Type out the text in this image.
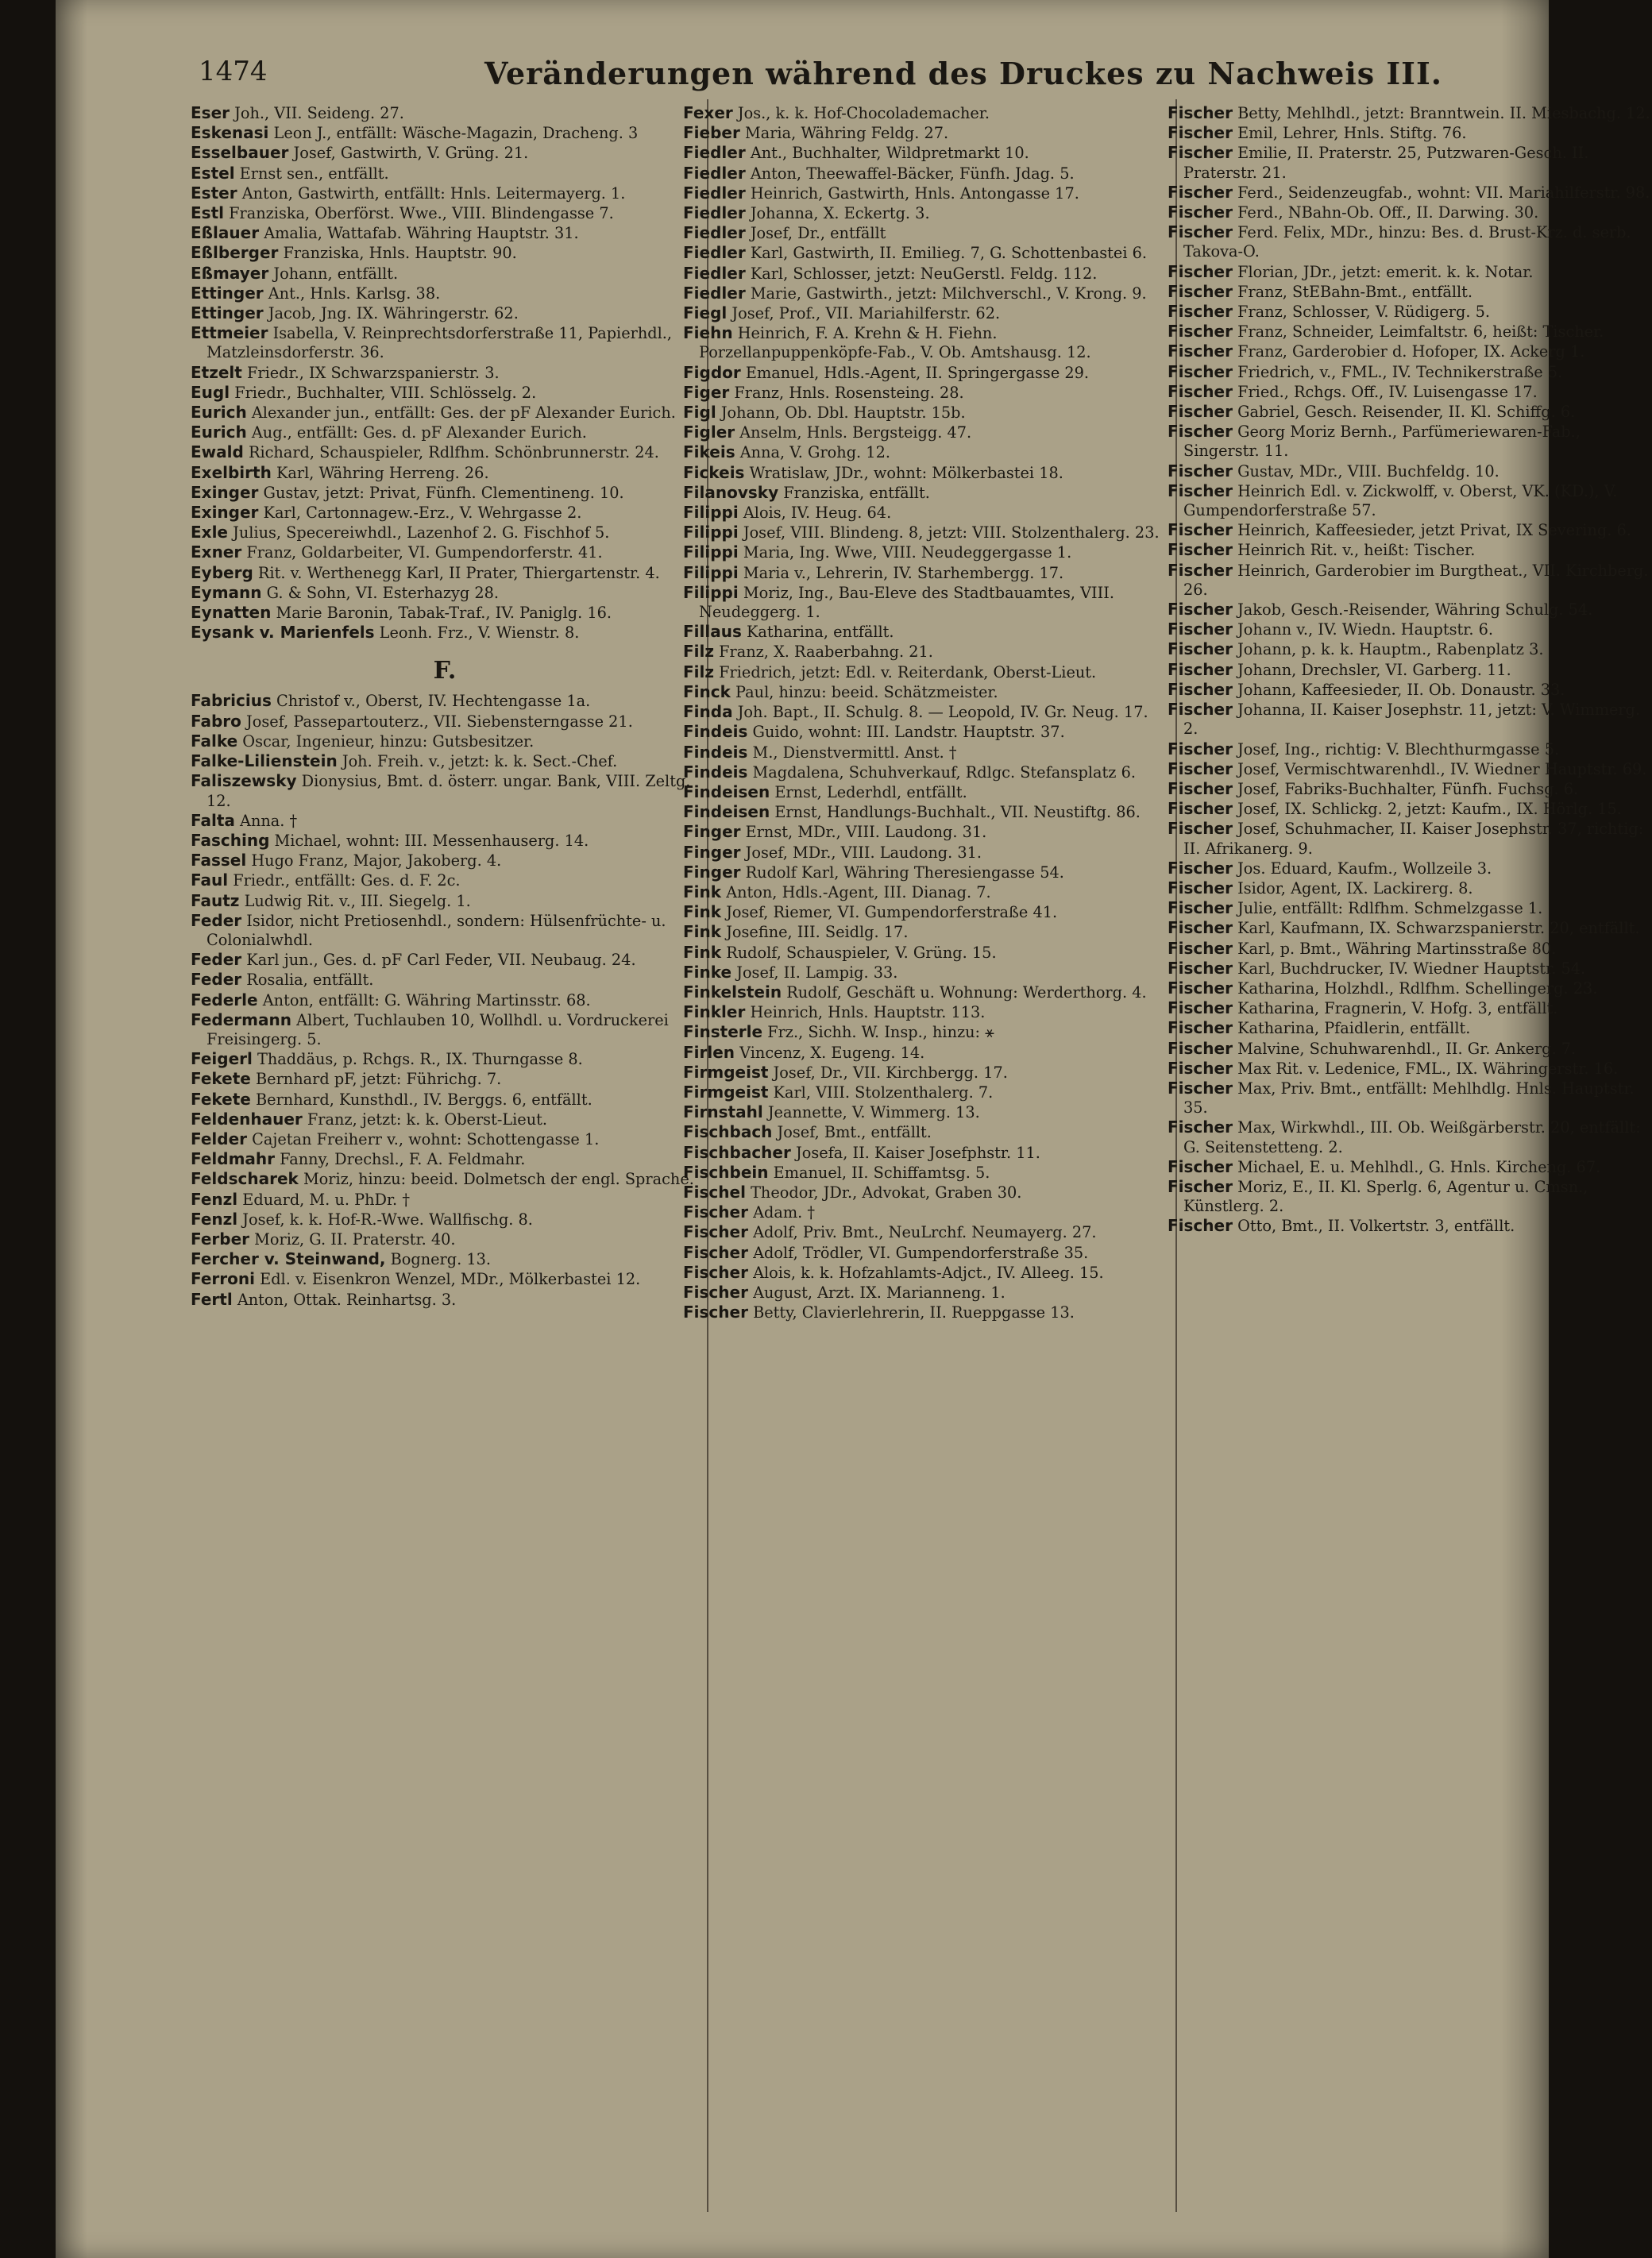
1474	Veränderungen während des Druckes zu Nachweis III.
Eser Joh., VII. Seideng. 27.
Eskenasi Leon J., entfällt: Wäsche-Magazin, Dracheng. 3
Esselbauer Josef, Gastwirth, V. Grüng. 21.
Estel Ernst sen., entfällt.
Ester Anton, Gastwirth, entfällt: Hnls. Leitermayerg. 1.
Estl Franziska, Oberförst. Wwe., VIII. Blindengasse 7.
Eßlauer Amalia, Wattafab. Währing Hauptstr. 31.
Eßlberger Franziska, Hnls. Hauptstr. 90.
Eßmayer Johann, entfällt.
Ettinger Ant., Hnls. Karlsg. 38.
Ettinger Jacob, Jng. IX. Währingerstr. 62.
Ettmeier Isabella, V. Reinprechtsdorferstraße 11, Papierhdl., Matzleinsdorferstr. 36.
Etzelt Friedr., IX Schwarzspanierstr. 3.
Eugl Friedr., Buchhalter, VIII. Schlösselg. 2.
Eurich Alexander jun., entfällt: Ges. der pF Alexander Eurich.
Eurich Aug., entfällt: Ges. d. pF Alexander Eurich.
Ewald Richard, Schauspieler, Rdlfhm. Schönbrunnerstr. 24.
Exelbirth Karl, Währing Herreng. 26.
Exinger Gustav, jetzt: Privat, Fünfh. Clementineng. 10.
Exinger Karl, Cartonnagew.-Erz., V. Wehrgasse 2.
Exle Julius, Specereiwhdl., Lazenhof 2. G. Fischhof 5.
Exner Franz, Goldarbeiter, VI. Gumpendorferstr. 41.
Eyberg Rit. v. Werthenegg Karl, II Prater, Thiergartenstr. 4.
Eymann G. & Sohn, VI. Esterhazyg 28.
Eynatten Marie Baronin, Tabak-Traf., IV. Paniglg. 16.
Eysank v. Marienfels Leonh. Frz., V. Wienstr. 8.
F.
Fabricius Christof v., Oberst, IV. Hechtengasse 1a.
Fabro Josef, Passepartouterz., VII. Siebensterngasse 21.
Falke Oscar, Ingenieur, hinzu: Gutsbesitzer.
Falke-Lilienstein Joh. Freih. v., jetzt: k. k. Sect.-Chef.
Faliszewsky Dionysius, Bmt. d. österr. ungar. Bank, VIII. Zeltg. 12.
Falta Anna. †
Fasching Michael, wohnt: III. Messenhauserg. 14.
Fassel Hugo Franz, Major, Jakoberg. 4.
Faul Friedr., entfällt: Ges. d. F. 2c.
Fautz Ludwig Rit. v., III. Siegelg. 1.
Feder Isidor, nicht Pretiosenhdl., sondern: Hülsenfrüchte- u. Colonialwhdl.
Feder Karl jun., Ges. d. pF Carl Feder, VII. Neubaug. 24.
Feder Rosalia, entfällt.
Federle Anton, entfällt: G. Währing Martinsstr. 68.
Federmann Albert, Tuchlauben 10, Wollhdl. u. Vordruckerei Freisingerg. 5.
Feigerl Thaddäus, p. Rchgs. R., IX. Thurngasse 8.
Fekete Bernhard pF, jetzt: Führichg. 7.
Fekete Bernhard, Kunsthdl., IV. Berggs. 6, entfällt.
Feldenhauer Franz, jetzt: k. k. Oberst-Lieut.
Felder Cajetan Freiherr v., wohnt: Schottengasse 1.
Feldmahr Fanny, Drechsl., F. A. Feldmahr.
Feldscharek Moriz, hinzu: beeid. Dolmetsch der engl. Sprache.
Fenzl Eduard, M. u. PhDr. †
Fenzl Josef, k. k. Hof-R.-Wwe. Wallfischg. 8.
Ferber Moriz, G. II. Praterstr. 40.
Fercher v. Steinwand, Bognerg. 13.
Ferroni Edl. v. Eisenkron Wenzel, MDr., Mölkerbastei 12.
Fertl Anton, Ottak. Reinhartsg. 3.
Fexer Jos., k. k. Hof-Chocolademacher.
Fieber Maria, Währing Feldg. 27.
Fiedler Ant., Buchhalter, Wildpretmarkt 10.
Fiedler Anton, Theewaffel-Bäcker, Fünfh. Jdag. 5.
Fiedler Heinrich, Gastwirth, Hnls. Antongasse 17.
Fiedler Johanna, X. Eckertg. 3.
Fiedler Josef, Dr., entfällt
Fiedler Karl, Gastwirth, II. Emilieg. 7, G. Schottenbastei 6.
Fiedler Karl, Schlosser, jetzt: NeuGerstl. Feldg. 112.
Fiedler Marie, Gastwirth., jetzt: Milchverschl., V. Krong. 9.
Fiegl Josef, Prof., VII. Mariahilferstr. 62.
Fiehn Heinrich, F. A. Krehn & H. Fiehn. Porzellanpuppenköpfe-Fab., V. Ob. Amtshausg. 12.
Figdor Emanuel, Hdls.-Agent, II. Springergasse 29.
Figer Franz, Hnls. Rosensteing. 28.
Figl Johann, Ob. Dbl. Hauptstr. 15b.
Figler Anselm, Hnls. Bergsteigg. 47.
Fikeis Anna, V. Grohg. 12.
Fickeis Wratislaw, JDr., wohnt: Mölkerbastei 18.
Filanovsky Franziska, entfällt.
Filippi Alois, IV. Heug. 64.
Filippi Josef, VIII. Blindeng. 8, jetzt: VIII. Stolzenthalerg. 23.
Filippi Maria, Ing. Wwe, VIII. Neudeggergasse 1.
Filippi Maria v., Lehrerin, IV. Starhembergg. 17.
Filippi Moriz, Ing., Bau-Eleve des Stadtbauamtes, VIII. Neudeggerg. 1.
Fillaus Katharina, entfällt.
Filz Franz, X. Raaberbahng. 21.
Filz Friedrich, jetzt: Edl. v. Reiterdank, Oberst-Lieut.
Finck Paul, hinzu: beeid. Schätzmeister.
Finda Joh. Bapt., II. Schulg. 8. — Leopold, IV. Gr. Neug. 17.
Findeis Guido, wohnt: III. Landstr. Hauptstr. 37.
Findeis M., Dienstvermittl. Anst. †
Findeis Magdalena, Schuhverkauf, Rdlgc. Stefansplatz 6.
Findeisen Ernst, Lederhdl, entfällt.
Findeisen Ernst, Handlungs-Buchhalt., VII. Neustiftg. 86.
Finger Ernst, MDr., VIII. Laudong. 31.
Finger Josef, MDr., VIII. Laudong. 31.
Finger Rudolf Karl, Währing Theresiengasse 54.
Fink Anton, Hdls.-Agent, III. Dianag. 7.
Fink Josef, Riemer, VI. Gumpendorferstraße 41.
Fink Josefine, III. Seidlg. 17.
Fink Rudolf, Schauspieler, V. Grüng. 15.
Finke Josef, II. Lampig. 33.
Finkelstein Rudolf, Geschäft u. Wohnung: Werderthorg. 4.
Finkler Heinrich, Hnls. Hauptstr. 113.
Finsterle Frz., Sichh. W. Insp., hinzu: ⚹
Firlen Vincenz, X. Eugeng. 14.
Firmgeist Josef, Dr., VII. Kirchbergg. 17.
Firmgeist Karl, VIII. Stolzenthalerg. 7.
Firnstahl Jeannette, V. Wimmerg. 13.
Fischbach Josef, Bmt., entfällt.
Fischbacher Josefa, II. Kaiser Josefphstr. 11.
Fischbein Emanuel, II. Schiffamtsg. 5.
Fischel Theodor, JDr., Advokat, Graben 30.
Fischer Adam. †
Fischer Adolf, Priv. Bmt., NeuLrchf. Neumayerg. 27.
Fischer Adolf, Trödler, VI. Gumpendorferstraße 35.
Fischer Alois, k. k. Hofzahlamts-Adjct., IV. Alleeg. 15.
Fischer August, Arzt. IX. Marianneng. 1.
Fischer Betty, Clavierlehrerin, II. Rueppgasse 13.
Fischer Betty, Mehlhdl., jetzt: Branntwein. II. Miesbachg. 12.
Fischer Emil, Lehrer, Hnls. Stiftg. 76.
Fischer Emilie, II. Praterstr. 25, Putzwaren-Gesch. II. Praterstr. 21.
Fischer Ferd., Seidenzeugfab., wohnt: VII. Mariahilferstr. 98.
Fischer Ferd., NBahn-Ob. Off., II. Darwing. 30.
Fischer Ferd. Felix, MDr., hinzu: Bes. d. Brust-Krz. d. serb. Takova-O.
Fischer Florian, JDr., jetzt: emerit. k. k. Notar.
Fischer Franz, StEBahn-Bmt., entfällt.
Fischer Franz, Schlosser, V. Rüdigerg. 5.
Fischer Franz, Schneider, Leimfaltstr. 6, heißt: Tischer.
Fischer Franz, Garderobier d. Hofoper, IX. Ackerg 1.
Fischer Friedrich, v., FML., IV. Technikerstraße 5.
Fischer Fried., Rchgs. Off., IV. Luisengasse 17.
Fischer Gabriel, Gesch. Reisender, II. Kl. Schiffg. 6.
Fischer Georg Moriz Bernh., Parfümeriewaren-Fab., Singerstr. 11.
Fischer Gustav, MDr., VIII. Buchfeldg. 10.
Fischer Heinrich Edl. v. Zickwolff, v. Oberst, VK. (KD.), V. Gumpendorferstraße 57.
Fischer Heinrich, Kaffeesieder, jetzt Privat, IX Severing. 6.
Fischer Heinrich Rit. v., heißt: Tischer.
Fischer Heinrich, Garderobier im Burgtheat., VII. Kirchberg. 26.
Fischer Jakob, Gesch.-Reisender, Währing Schulg. 54.
Fischer Johann v., IV. Wiedn. Hauptstr. 6.
Fischer Johann, p. k. k. Hauptm., Rabenplatz 3.
Fischer Johann, Drechsler, VI. Garberg. 11.
Fischer Johann, Kaffeesieder, II. Ob. Donaustr. 33.
Fischer Johanna, II. Kaiser Josephstr. 11, jetzt: V. Wimmerg. 2.
Fischer Josef, Ing., richtig: V. Blechthurmgasse 5.
Fischer Josef, Vermischtwarenhdl., IV. Wiedner Hauptstr. 69.
Fischer Josef, Fabriks-Buchhalter, Fünfh. Fuchsg. 6.
Fischer Josef, IX. Schlickg. 2, jetzt: Kaufm., IX. Hörlg. 15.
Fischer Josef, Schuhmacher, II. Kaiser Josephstr. 37, richtig: II. Afrikanerg. 9.
Fischer Jos. Eduard, Kaufm., Wollzeile 3.
Fischer Isidor, Agent, IX. Lackirerg. 8.
Fischer Julie, entfällt: Rdlfhm. Schmelzgasse 1.
Fischer Karl, Kaufmann, IX. Schwarzspanierstr. 20, entfällt.
Fischer Karl, p. Bmt., Währing Martinsstraße 80.
Fischer Karl, Buchdrucker, IV. Wiedner Hauptstr. 54.
Fischer Katharina, Holzhdl., Rdlfhm. Schellingerg. 23.
Fischer Katharina, Fragnerin, V. Hofg. 3, entfällt.
Fischer Katharina, Pfaidlerin, entfällt.
Fischer Malvine, Schuhwarenhdl., II. Gr. Ankerg. 7.
Fischer Max Rit. v. Ledenice, FML., IX. Währingerstr. 16.
Fischer Max, Priv. Bmt., entfällt: Mehlhdlg. Hnls. Hauptstr. 35.
Fischer Max, Wirkwhdl., III. Ob. Weißgärberstr. 20, entfällt: G. Seitenstetteng. 2.
Fischer Michael, E. u. Mehlhdl., G. Hnls. Kircheng. 67.
Fischer Moriz, E., II. Kl. Sperlg. 6, Agentur u. Cmsn., Künstlerg. 2.
Fischer Otto, Bmt., II. Volkertstr. 3, entfällt.
